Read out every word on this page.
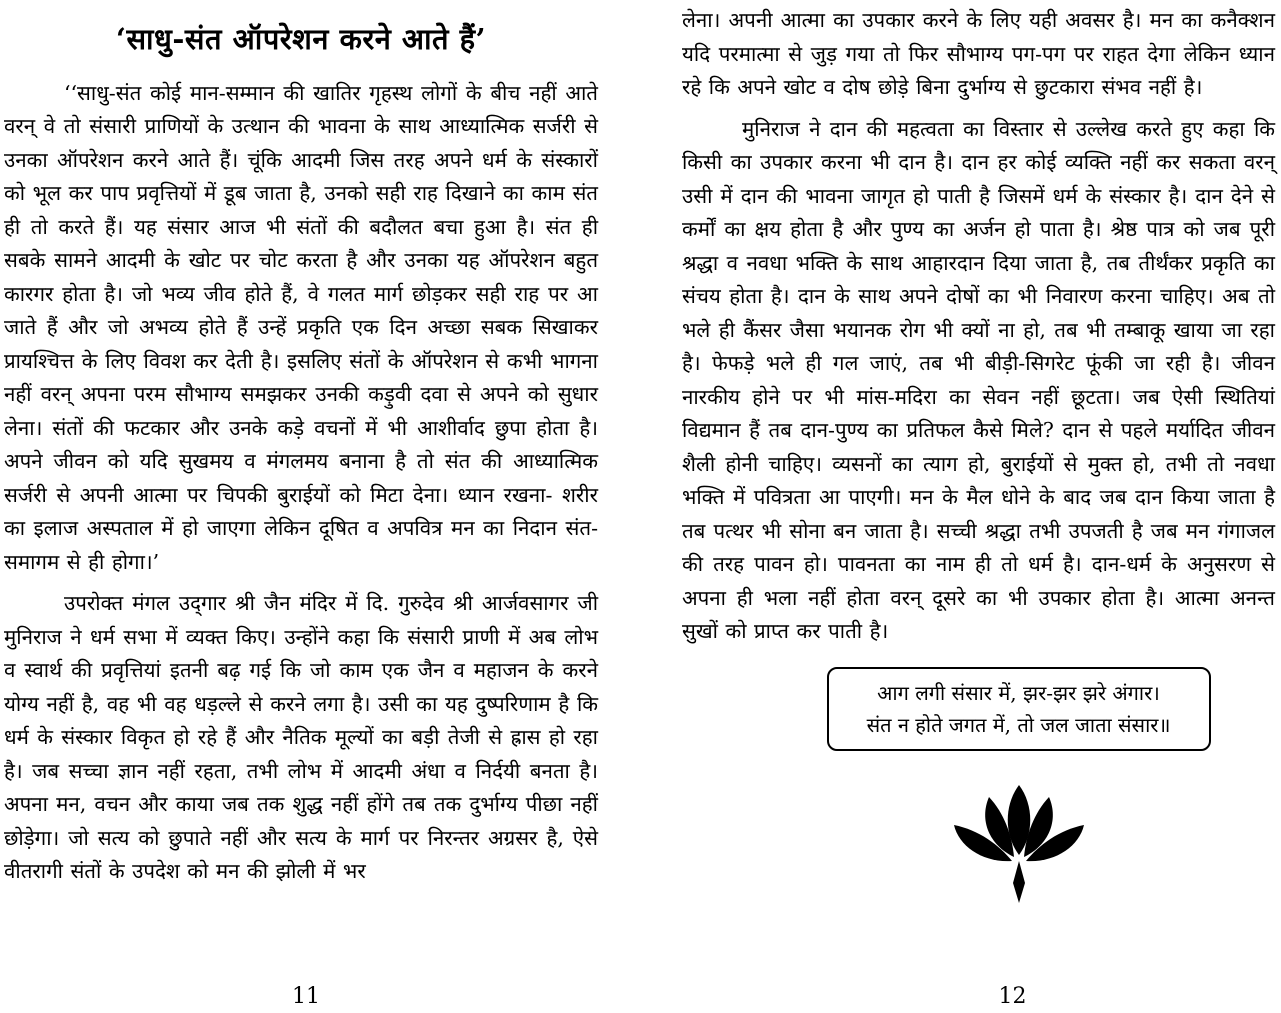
‘साधु-संत ऑपरेशन करने आते हैं’

‘‘साधु-संत कोई मान-सम्मान की खातिर गृहस्थ लोगों के बीच नहीं आते वरन् वे तो संसारी प्राणियों के उत्थान की भावना के साथ आध्यात्मिक सर्जरी से उनका ऑपरेशन करने आते हैं। चूंकि आदमी जिस तरह अपने धर्म के संस्कारों को भूल कर पाप प्रवृत्तियों में डूब जाता है, उनको सही राह दिखाने का काम संत ही तो करते हैं। यह संसार आज भी संतों की बदौलत बचा हुआ है। संत ही सबके सामने आदमी के खोट पर चोट करता है और उनका यह ऑपरेशन बहुत कारगर होता है। जो भव्य जीव होते हैं, वे गलत मार्ग छोड़कर सही राह पर आ जाते हैं और जो अभव्य होते हैं उन्हें प्रकृति एक दिन अच्छा सबक सिखाकर प्रायश्चित्त के लिए विवश कर देती है। इसलिए संतों के ऑपरेशन से कभी भागना नहीं वरन् अपना परम सौभाग्य समझकर उनकी कड़ुवी दवा से अपने को सुधार लेना। संतों की फटकार और उनके कड़े वचनों में भी आशीर्वाद छुपा होता है। अपने जीवन को यदि सुखमय व मंगलमय बनाना है तो संत की आध्यात्मिक सर्जरी से अपनी आत्मा पर चिपकी बुराईयों को मिटा देना। ध्यान रखना- शरीर का इलाज अस्पताल में हो जाएगा लेकिन दूषित व अपवित्र मन का निदान संत-समागम से ही होगा।’

उपरोक्त मंगल उद्‍गार श्री जैन मंदिर में दि. गुरुदेव श्री आर्जवसागर जी मुनिराज ने धर्म सभा में व्यक्त किए। उन्होंने कहा कि संसारी प्राणी में अब लोभ व स्वार्थ की प्रवृत्तियां इतनी बढ़ गई कि जो काम एक जैन व महाजन के करने योग्य नहीं है, वह भी वह धड़ल्ले से करने लगा है। उसी का यह दुष्परिणाम है कि धर्म के संस्कार विकृत हो रहे हैं और नैतिक मूल्यों का बड़ी तेजी से ह्रास हो रहा है। जब सच्चा ज्ञान नहीं रहता, तभी लोभ में आदमी अंधा व निर्दयी बनता है। अपना मन, वचन और काया जब तक शुद्ध नहीं होंगे तब तक दुर्भाग्य पीछा नहीं छोड़ेगा। जो सत्य को छुपाते नहीं और सत्य के मार्ग पर निरन्तर अग्रसर है, ऐसे वीतरागी संतों के उपदेश को मन की झोली में भर

11

लेना। अपनी आत्मा का उपकार करने के लिए यही अवसर है। मन का कनैक्शन यदि परमात्मा से जुड़ गया तो फिर सौभाग्य पग-पग पर राहत देगा लेकिन ध्यान रहे कि अपने खोट व दोष छोड़े बिना दुर्भाग्य से छुटकारा संभव नहीं है।

मुनिराज ने दान की महत्वता का विस्तार से उल्लेख करते हुए कहा कि किसी का उपकार करना भी दान है। दान हर कोई व्यक्ति नहीं कर सकता वरन् उसी में दान की भावना जागृत हो पाती है जिसमें धर्म के संस्कार है। दान देने से कर्मों का क्षय होता है और पुण्य का अर्जन हो पाता है। श्रेष्ठ पात्र को जब पूरी श्रद्धा व नवधा भक्ति के साथ आहारदान दिया जाता है, तब तीर्थंकर प्रकृति का संचय होता है। दान के साथ अपने दोषों का भी निवारण करना चाहिए। अब तो भले ही कैंसर जैसा भयानक रोग भी क्यों ना हो, तब भी तम्बाकू खाया जा रहा है। फेफड़े भले ही गल जाएं, तब भी बीड़ी-सिगरेट फूंकी जा रही है। जीवन नारकीय होने पर भी मांस-मदिरा का सेवन नहीं छूटता। जब ऐसी स्थितियां विद्यमान हैं तब दान-पुण्य का प्रतिफल कैसे मिले? दान से पहले मर्यादित जीवन शैली होनी चाहिए। व्यसनों का त्याग हो, बुराईयों से मुक्त हो, तभी तो नवधा भक्ति में पवित्रता आ पाएगी। मन के मैल धोने के बाद जब दान किया जाता है तब पत्थर भी सोना बन जाता है। सच्ची श्रद्धा तभी उपजती है जब मन गंगाजल की तरह पावन हो। पावनता का नाम ही तो धर्म है। दान-धर्म के अनुसरण से अपना ही भला नहीं होता वरन् दूसरे का भी उपकार होता है। आत्मा अनन्त सुखों को प्राप्त कर पाती है।

आग लगी संसार में, झर-झर झरे अंगार।
संत न होते जगत में, तो जल जाता संसार॥
12
